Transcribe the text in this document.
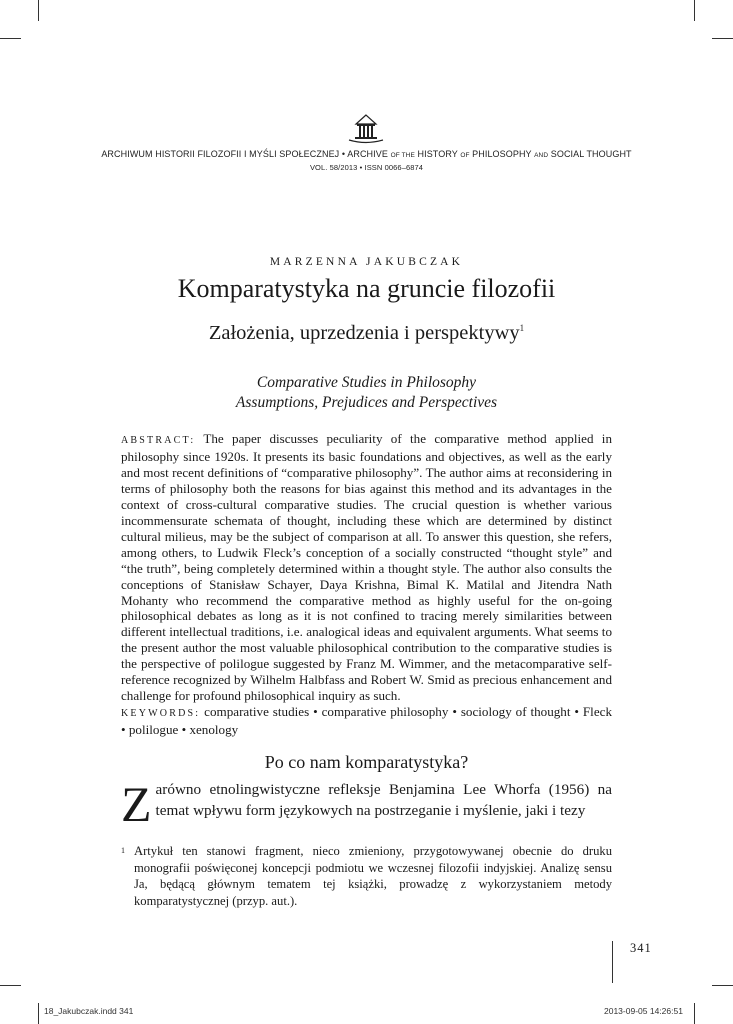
ARCHIWUM HISTORII FILOZOFII I MYŚLI SPOŁECZNEJ • ARCHIVE OF THE HISTORY OF PHILOSOPHY AND SOCIAL THOUGHT
VOL. 58/2013 • ISSN 0066–6874
MARZENNA JAKUBCZAK
Komparatystyka na gruncie filozofii
Założenia, uprzedzenia i perspektywy$^1$
Comparative Studies in Philosophy
Assumptions, Prejudices and Perspectives

ABSTRACT: The paper discusses peculiarity of the comparative method applied in philosophy since 1920s. It presents its basic foundations and objectives, as well as the early and most recent definitions of “comparative philosophy”. The author aims at reconsidering in terms of philosophy both the reasons for bias against this method and its advantages in the context of cross-cultural comparative studies. The crucial question is whether various incommensurate schemata of thought, including these which are determined by distinct cultural milieus, may be the subject of comparison at all. To answer this question, she refers, among others, to Ludwik Fleck’s conception of a socially constructed “thought style” and “the truth”, being completely determined within a thought style. The author also consults the conceptions of Stanisław Schayer, Daya Krishna, Bimal K. Matilal and Jitendra Nath Mohanty who recommend the comparative method as highly useful for the on-going philosophical debates as long as it is not confined to tracing merely similarities between different intellectual traditions, i.e. analogical ideas and equivalent arguments. What seems to the present author the most valuable philosophical contribution to the comparative studies is the perspective of polilogue suggested by Franz M. Wimmer, and the metacomparative self-reference recognized by Wilhelm Halbfass and Robert W. Smid as precious enhancement and challenge for profound philosophical inquiry as such.

KEYWORDS: comparative studies • comparative philosophy • sociology of thought • Fleck • polilogue • xenology

Po co nam komparatystyka?
Zarówno etnolingwistyczne refleksje Benjamina Lee Whorfa (1956) na temat wpływu form językowych na postrzeganie i myślenie, jaki i tezy
1 Artykuł ten stanowi fragment, nieco zmieniony, przygotowywanej obecnie do druku monografii poświęconej koncepcji podmiotu we wczesnej filozofii indyjskiej. Analizę sensu Ja, będącą głównym tematem tej książki, prowadzę z wykorzystaniem metody komparatystycznej (przyp. aut.).
341
18_Jakubczak.indd 341	2013-09-05 14:26:51
